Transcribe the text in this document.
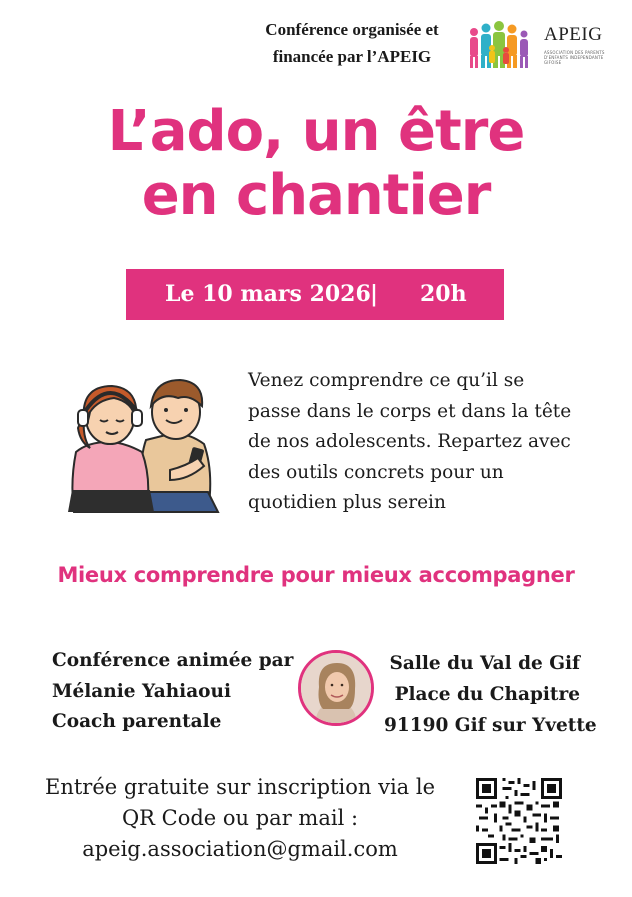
Conférence organisée et
financée par l’APEIG
APEIG
ASSOCIATION DES PARENTS D'ENFANTS INDEPENDANTE GIFOISE
L’ado, un être
en chantier
Le 10 mars 2026 | 20h
Venez comprendre ce qu’il se
passe dans le corps et dans la tête
de nos adolescents. Repartez avec
des outils concrets pour un
quotidien plus serein
Mieux comprendre pour mieux accompagner
Conférence animée par
Mélanie Yahiaoui
Coach parentale
Salle du Val de Gif
Place du Chapitre
91190 Gif sur Yvette
Entrée gratuite sur inscription via le
QR Code ou par mail :
apeig.association@gmail.com
